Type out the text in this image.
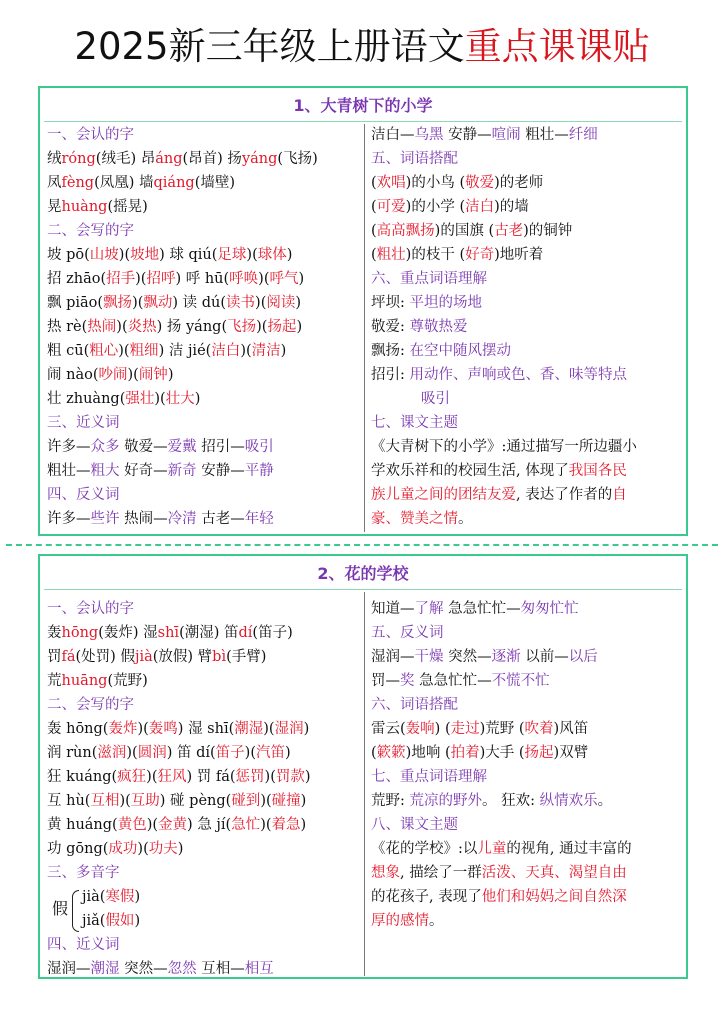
2025新三年级上册语文重点课课贴
1、大青树下的小学
一、会认的字
绒róng(绒毛) 昂áng(昂首) 扬yáng(飞扬)
凤fèng(凤凰) 墙qiáng(墙壁)
晃huàng(摇晃)
二、会写的字
坡 pō(山坡)(坡地) 球 qiú(足球)(球体)
招 zhāo(招手)(招呼) 呼 hū(呼唤)(呼气)
飘 piāo(飘扬)(飘动) 读 dú(读书)(阅读)
热 rè(热闹)(炎热) 扬 yáng(飞扬)(扬起)
粗 cū(粗心)(粗细) 洁 jié(洁白)(清洁)
闹 nào(吵闹)(闹钟)
壮 zhuàng(强壮)(壮大)
三、近义词
许多—众多 敬爱—爱戴 招引—吸引
粗壮—粗大 好奇—新奇 安静—平静
四、反义词
许多—些许 热闹—冷清 古老—年轻
洁白—乌黑 安静—喧闹 粗壮—纤细
五、词语搭配
(欢唱)的小鸟 (敬爱)的老师
(可爱)的小学 (洁白)的墙
(高高飘扬)的国旗 (古老)的铜钟
(粗壮)的枝干 (好奇)地听着
六、重点词语理解
坪坝: 平坦的场地
敬爱: 尊敬热爱
飘扬: 在空中随风摆动
招引: 用动作、声响或色、香、味等特点
吸引
七、课文主题
《大青树下的小学》:通过描写一所边疆小
学欢乐祥和的校园生活, 体现了我国各民
族儿童之间的团结友爱, 表达了作者的自
豪、赞美之情。
2、花的学校
一、会认的字
轰hōng(轰炸) 湿shī(潮湿) 笛dí(笛子)
罚fá(处罚) 假jià(放假) 臂bì(手臂)
荒huāng(荒野)
二、会写的字
轰 hōng(轰炸)(轰鸣) 湿 shī(潮湿)(湿润)
润 rùn(滋润)(圆润) 笛 dí(笛子)(汽笛)
狂 kuáng(疯狂)(狂风) 罚 fá(惩罚)(罚款)
互 hù(互相)(互助) 碰 pèng(碰到)(碰撞)
黄 huáng(黄色)(金黄) 急 jí(急忙)(着急)
功 gōng(成功)(功夫)
三、多音字
假
jià(寒假)
jiǎ(假如)
四、近义词
湿润—潮湿 突然—忽然 互相—相互
知道—了解 急急忙忙—匆匆忙忙
五、反义词
湿润—干燥 突然—逐渐 以前—以后
罚—奖 急急忙忙—不慌不忙
六、词语搭配
雷云(轰响) (走过)荒野 (吹着)风笛
(簌簌)地响 (拍着)大手 (扬起)双臂
七、重点词语理解
荒野: 荒凉的野外。 狂欢: 纵情欢乐。
八、课文主题
《花的学校》:以儿童的视角, 通过丰富的
想象, 描绘了一群活泼、天真、渴望自由
的花孩子, 表现了他们和妈妈之间自然深
厚的感情。
